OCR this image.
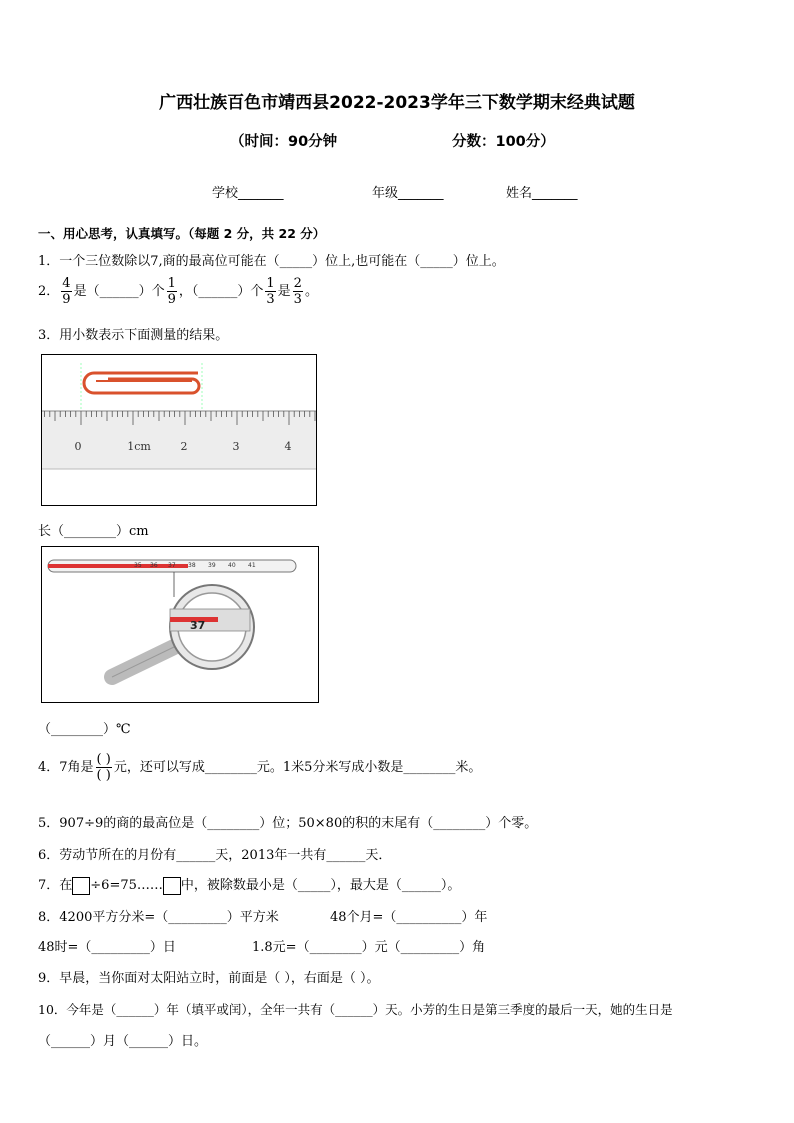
广西壮族百色市靖西县2022-2023学年三下数学期末经典试题
（时间：90分钟	分数：100分）
学校_______	年级_______	姓名_______
一、用心思考，认真填写。（每题 2 分，共 22 分）
1．一个三位数除以7,商的最高位可能在（_____）位上,也可能在（_____）位上。
2． $\frac{4}{9}$ 是（______）个 $\frac{1}{9}$ ，（______）个 $\frac{1}{3}$ 是 $\frac{2}{3}$ 。
3．用小数表示下面测量的结果。
0	1cm	2	3	4
长（________）cm
35 36 37 38 39 40 41
37
（________）℃
4．7角是 $\frac{( )}{( )}$ 元，还可以写成________元。1米5分米写成小数是________米。
5．907÷9的商的最高位是（________）位；50×80的积的末尾有（________）个零。
6．劳动节所在的月份有______天，2013年一共有______天．
7．在 ÷6=75…… 中，被除数最小是（_____），最大是（______）。
8．4200平方分米=（_________）平方米	48个月=（__________）年
48时=（_________）日	1.8元=（________）元（_________）角
9．早晨，当你面对太阳站立时，前面是（ ），右面是（ ）。
10．今年是（______）年（填平或闰），全年一共有（______）天。小芳的生日是第三季度的最后一天，她的生日是
（______）月（______）日。
